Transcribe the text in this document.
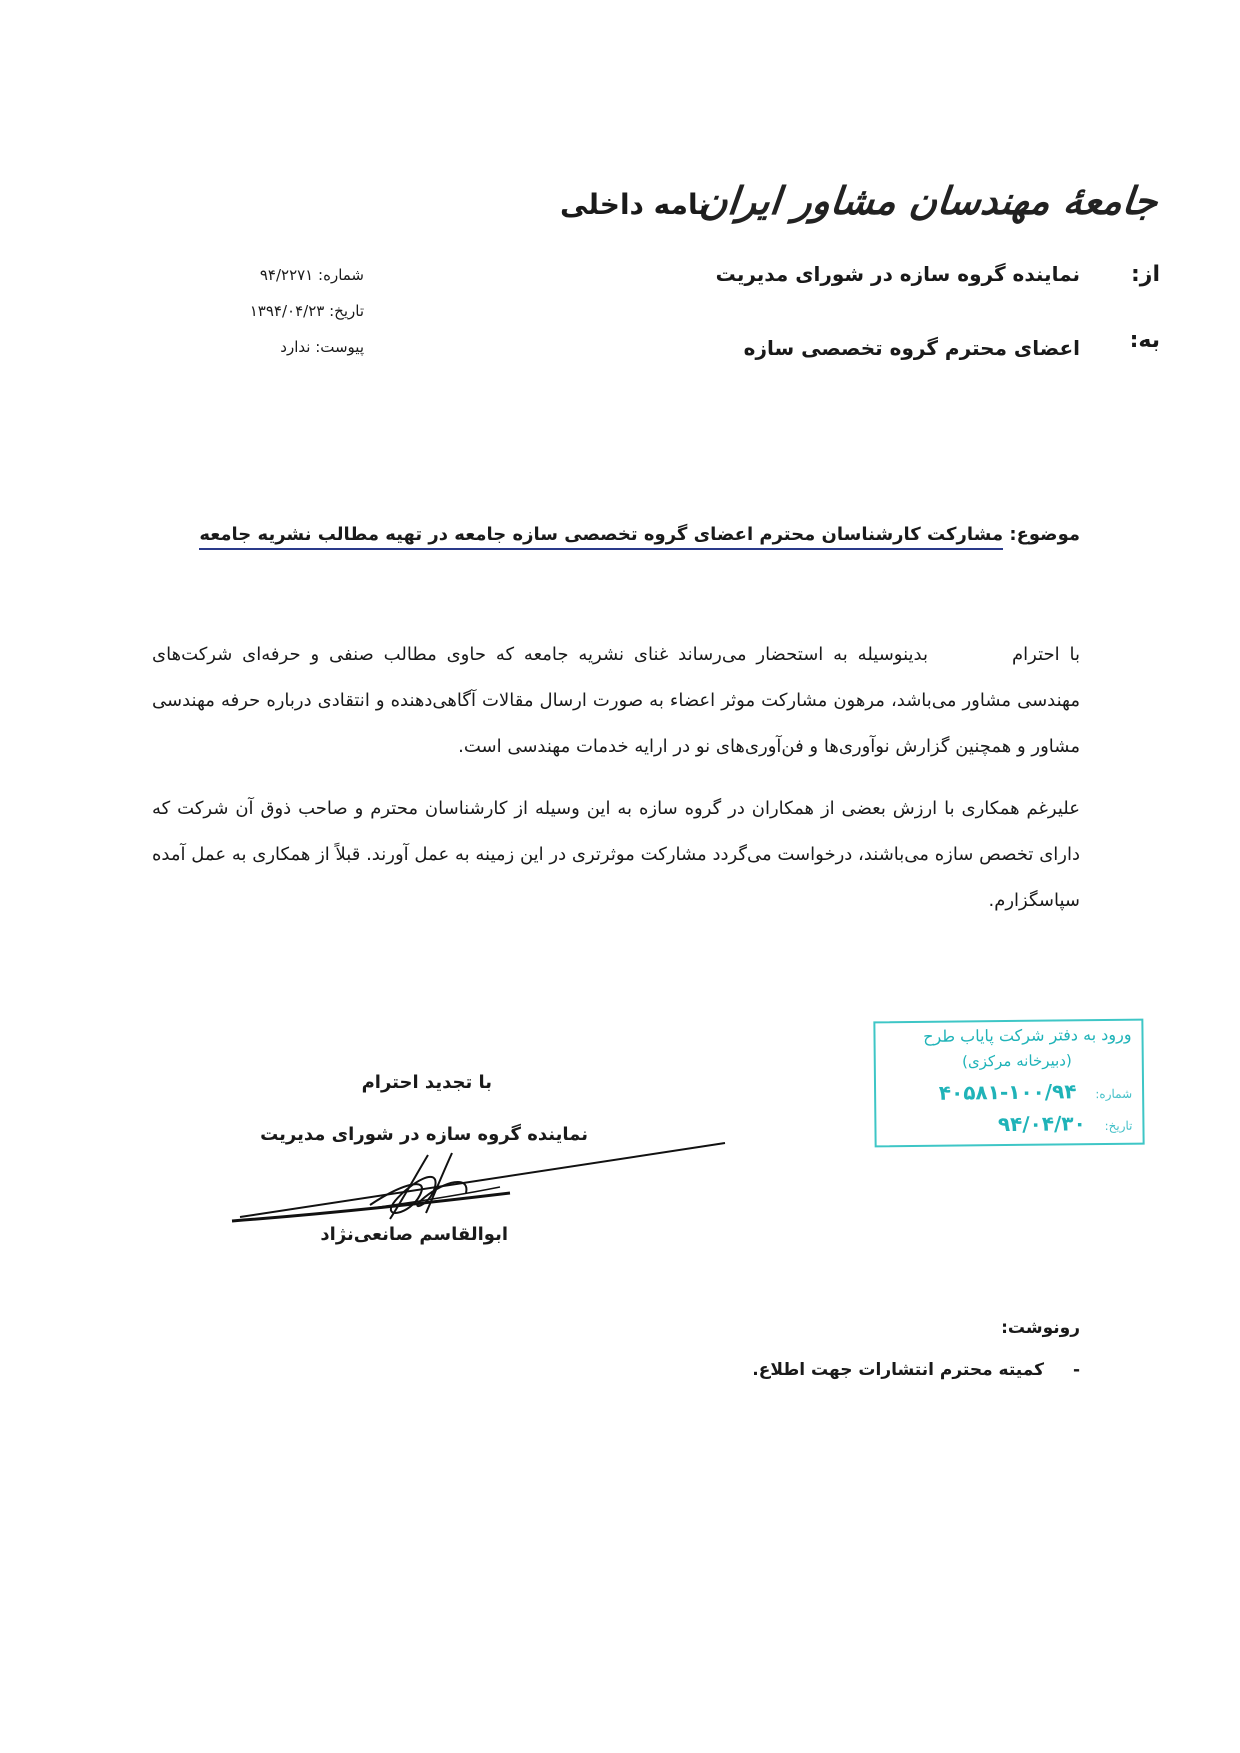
جامعهٔ مهندسان مشاور ایران
نامه داخلی
از:
نماینده گروه سازه در شورای مدیریت
به:
اعضای محترم گروه تخصصی سازه
شماره: ۹۴/۲۲۷۱
تاریخ: ۱۳۹۴/۰۴/۲۳
پیوست: ندارد
موضوع: مشارکت کارشناسان محترم اعضای گروه تخصصی سازه جامعه در تهیه مطالب نشریه جامعه
با احترامبدینوسیله به استحضار می‌رساند غنای نشریه جامعه که حاوی مطالب صنفی و حرفه‌ای شرکت‌های مهندسی مشاور می‌باشد، مرهون مشارکت موثر اعضاء به صورت ارسال مقالات آگاهی‌دهنده و انتقادی درباره حرفه مهندسی مشاور و همچنین گزارش نوآوری‌ها و فن‌آوری‌های نو در ارایه خدمات مهندسی است.
علیرغم همکاری با ارزش بعضی از همکاران در گروه سازه به این وسیله از کارشناسان محترم و صاحب ذوق آن شرکت که دارای تخصص سازه می‌باشند، درخواست می‌گردد مشارکت موثرتری در این زمینه به عمل آورند. قبلاً از همکاری به عمل آمده سپاسگزارم.
با تجدید احترام
نماینده گروه سازه در شورای مدیریت
ابوالقاسم صانعی‌نژاد
ورود به دفتر شرکت پایاب طرح
(دبیرخانه مرکزی)
شماره: ۱۰۰/۹۴-۴۰۵۸۱
تاریخ: ۹۴/۰۴/۳۰
رونوشت:
-
کمیته محترم انتشارات جهت اطلاع.
